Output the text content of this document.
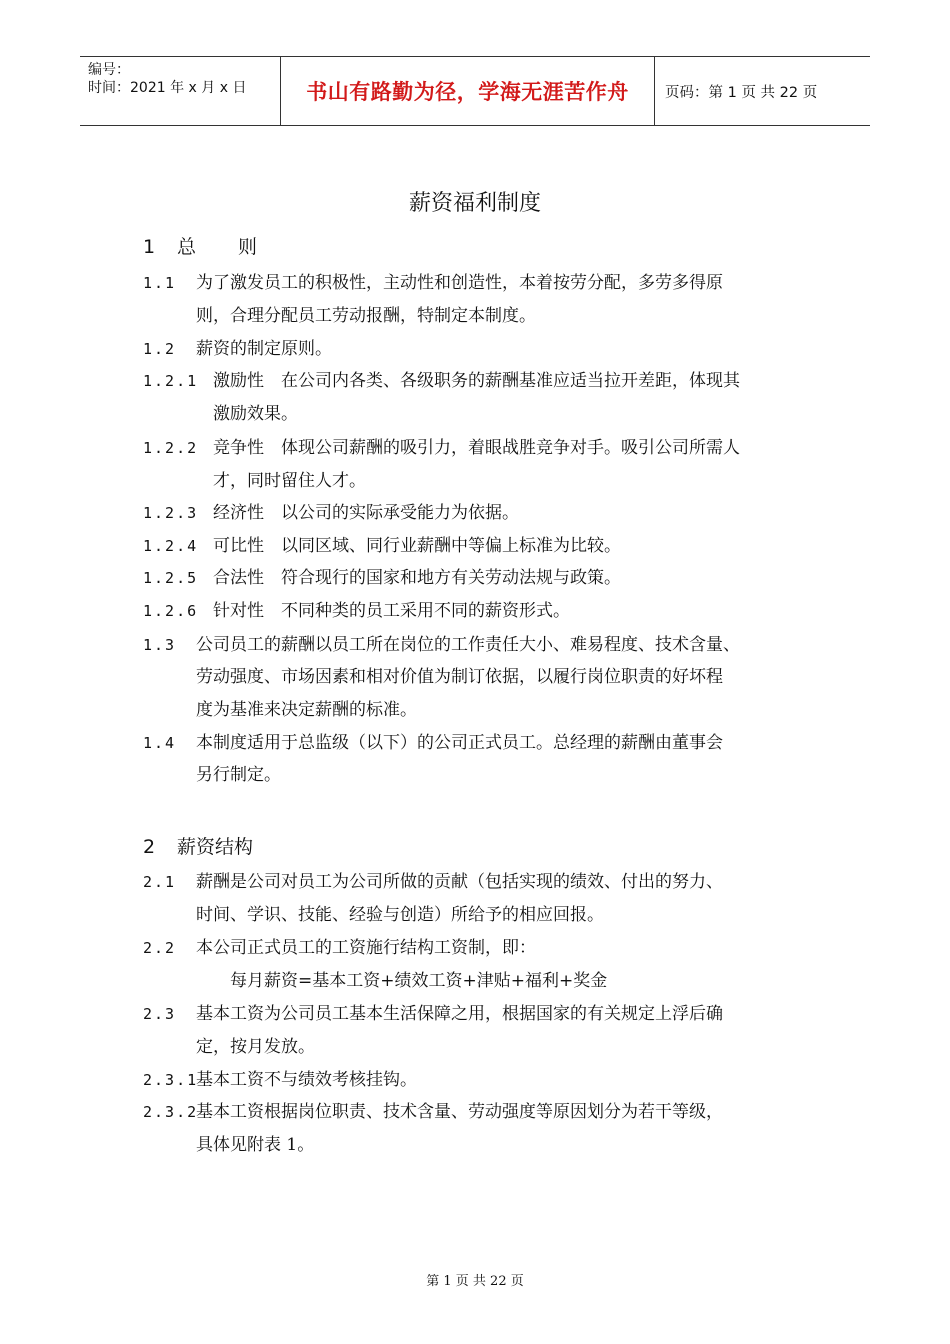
编号：
时间：2021 年 x 月 x 日	书山有路勤为径，学海无涯苦作舟	页码：第 1 页 共 22 页
薪资福利制度
1 总 则
2 薪资结构
1.1 为了激发员工的积极性，主动性和创造性，本着按劳分配，多劳多得原
则，合理分配员工劳动报酬，特制定本制度。
1.2 薪资的制定原则。
1.2.1 激励性　在公司内各类、各级职务的薪酬基准应适当拉开差距，体现其
激励效果。
1.2.2 竞争性　体现公司薪酬的吸引力，着眼战胜竞争对手。吸引公司所需人
才，同时留住人才。
1.2.3 经济性　以公司的实际承受能力为依据。
1.2.4 可比性　以同区域、同行业薪酬中等偏上标准为比较。
1.2.5 合法性　符合现行的国家和地方有关劳动法规与政策。
1.2.6 针对性　不同种类的员工采用不同的薪资形式。
1.3 公司员工的薪酬以员工所在岗位的工作责任大小、难易程度、技术含量、
劳动强度、市场因素和相对价值为制订依据，以履行岗位职责的好坏程
度为基准来决定薪酬的标准。
1.4 本制度适用于总监级（以下）的公司正式员工。总经理的薪酬由董事会
另行制定。
2.1 薪酬是公司对员工为公司所做的贡献（包括实现的绩效、付出的努力、
时间、学识、技能、经验与创造）所给予的相应回报。
2.2 本公司正式员工的工资施行结构工资制，即：
每月薪资=基本工资+绩效工资+津贴+福利+奖金
2.3 基本工资为公司员工基本生活保障之用，根据国家的有关规定上浮后确
定，按月发放。
2.3.1
基本工资不与绩效考核挂钩。
2.3.2
基本工资根据岗位职责、技术含量、劳动强度等原因划分为若干等级，
具体见附表 1。
第 1 页 共 22 页
